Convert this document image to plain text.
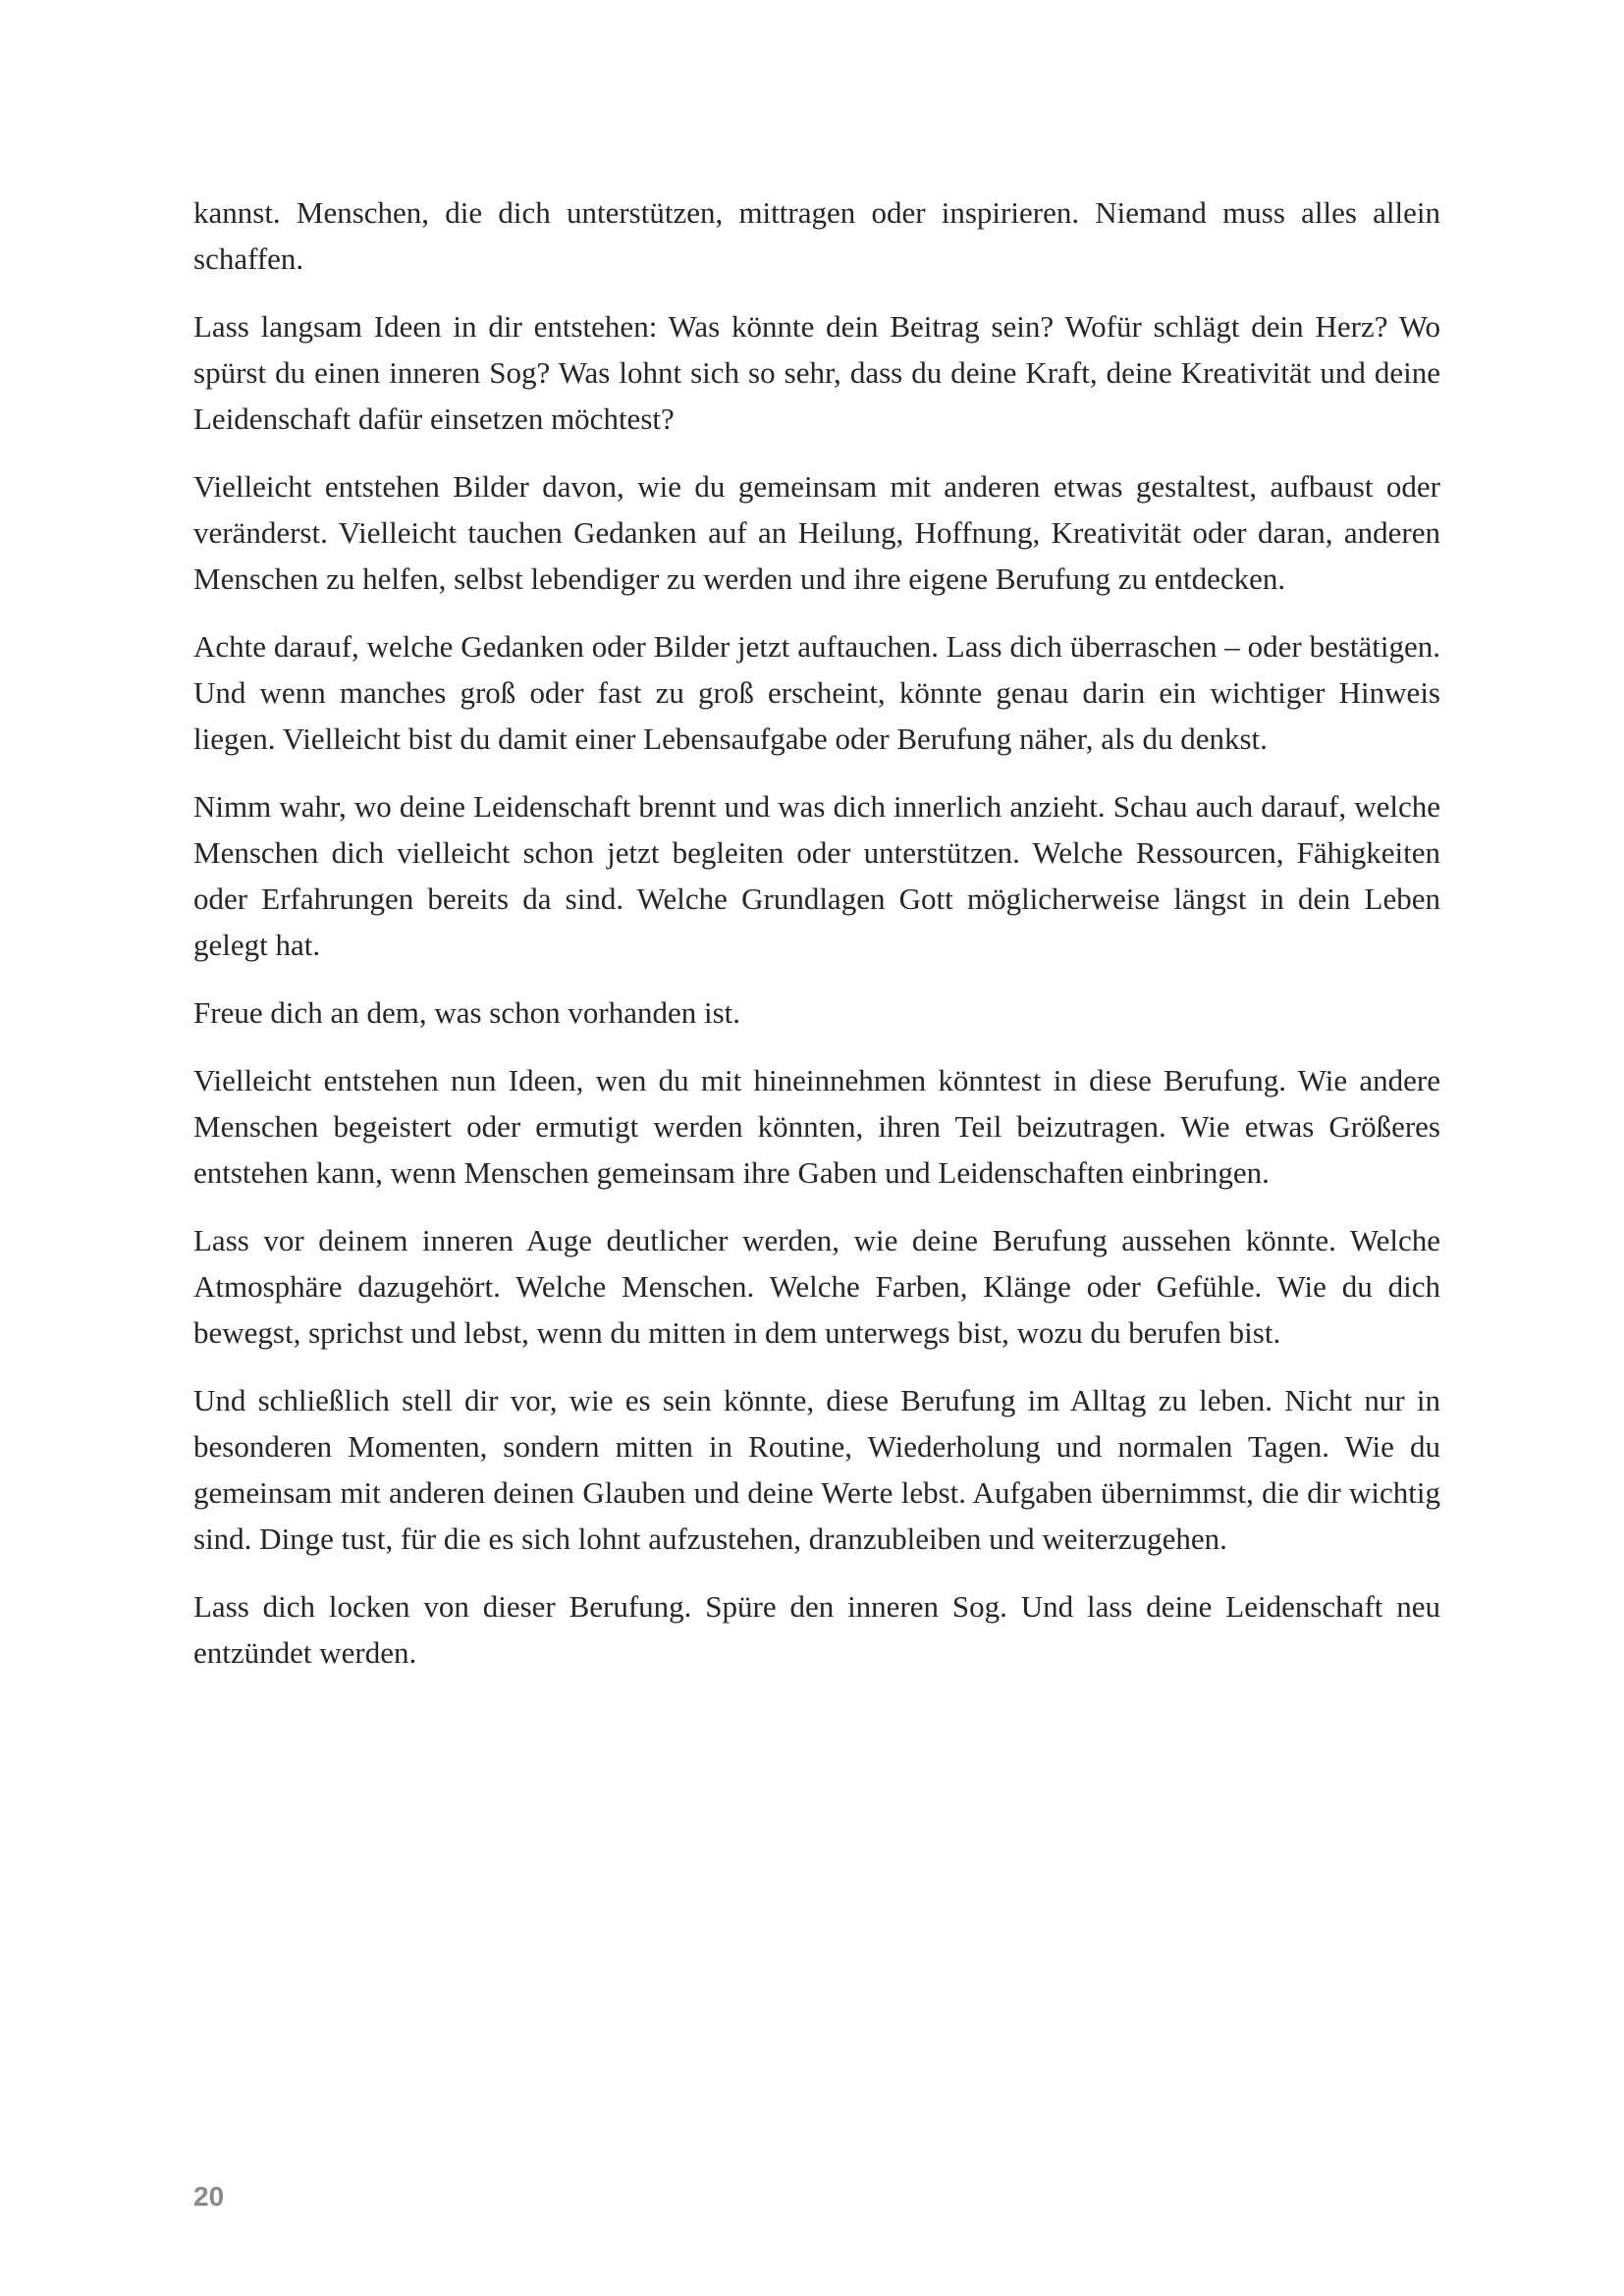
kannst. Menschen, die dich unterstützen, mittragen oder inspirieren. Niemand muss alles allein schaffen.

Lass langsam Ideen in dir entstehen: Was könnte dein Beitrag sein? Wofür schlägt dein Herz? Wo spürst du einen inneren Sog? Was lohnt sich so sehr, dass du deine Kraft, deine Kreativität und deine Leidenschaft dafür einsetzen möchtest?

Vielleicht entstehen Bilder davon, wie du gemeinsam mit anderen etwas gestaltest, aufbaust oder veränderst. Vielleicht tauchen Gedanken auf an Heilung, Hoffnung, Kreativität oder daran, anderen Menschen zu helfen, selbst lebendiger zu werden und ihre eigene Berufung zu entdecken.

Achte darauf, welche Gedanken oder Bilder jetzt auftauchen. Lass dich überraschen – oder bestätigen. Und wenn manches groß oder fast zu groß erscheint, könnte genau darin ein wichtiger Hinweis liegen. Vielleicht bist du damit einer Lebensaufgabe oder Berufung näher, als du denkst.

Nimm wahr, wo deine Leidenschaft brennt und was dich innerlich anzieht. Schau auch darauf, welche Menschen dich vielleicht schon jetzt begleiten oder unterstützen. Welche Ressourcen, Fähigkeiten oder Erfahrungen bereits da sind. Welche Grundlagen Gott möglicherweise längst in dein Leben gelegt hat.

Freue dich an dem, was schon vorhanden ist.

Vielleicht entstehen nun Ideen, wen du mit hineinnehmen könntest in diese Berufung. Wie andere Menschen begeistert oder ermutigt werden könnten, ihren Teil beizutragen. Wie etwas Größeres entstehen kann, wenn Menschen gemeinsam ihre Gaben und Leidenschaften einbringen.

Lass vor deinem inneren Auge deutlicher werden, wie deine Berufung aussehen könnte. Welche Atmosphäre dazugehört. Welche Menschen. Welche Farben, Klänge oder Gefühle. Wie du dich bewegst, sprichst und lebst, wenn du mitten in dem unterwegs bist, wozu du berufen bist.

Und schließlich stell dir vor, wie es sein könnte, diese Berufung im Alltag zu leben. Nicht nur in besonderen Momenten, sondern mitten in Routine, Wiederholung und normalen Tagen. Wie du gemeinsam mit anderen deinen Glauben und deine Werte lebst. Aufgaben übernimmst, die dir wichtig sind. Dinge tust, für die es sich lohnt aufzustehen, dranzubleiben und weiterzugehen.

Lass dich locken von dieser Berufung. Spüre den inneren Sog. Und lass deine Leidenschaft neu entzündet werden.

20
